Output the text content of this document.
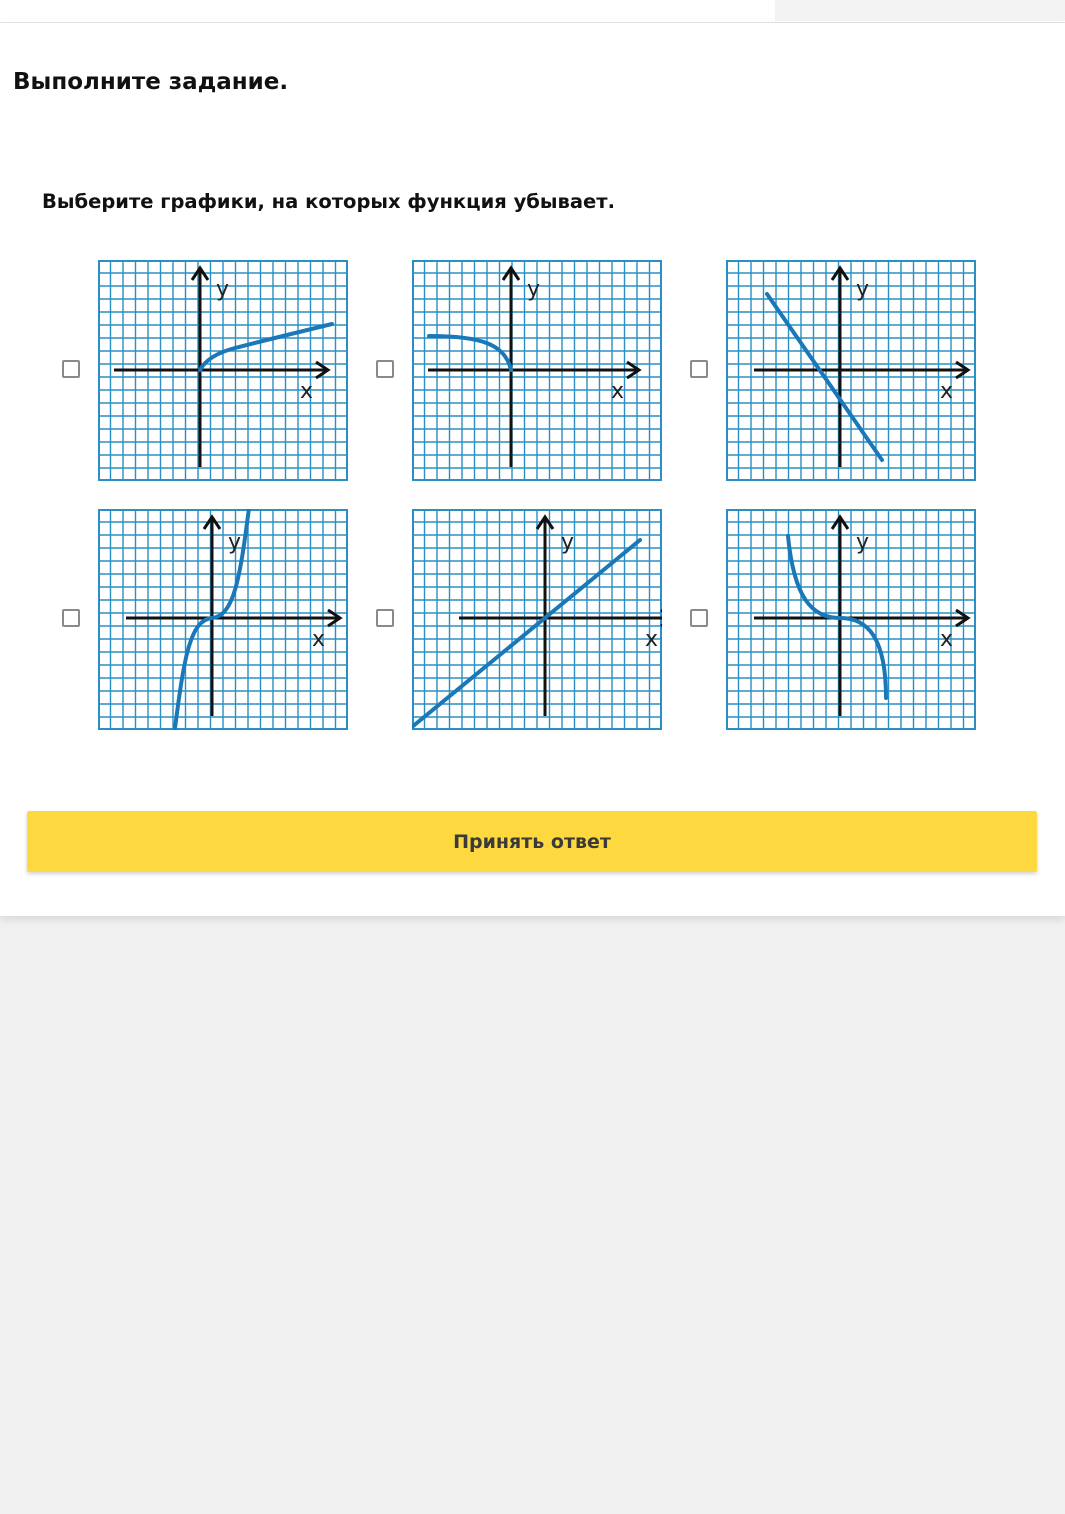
Выполните задание.

Выберите графики, на которых функция убывает.

x
y
x
y
x
y
x
y
x
y
x
y
Принять ответ
